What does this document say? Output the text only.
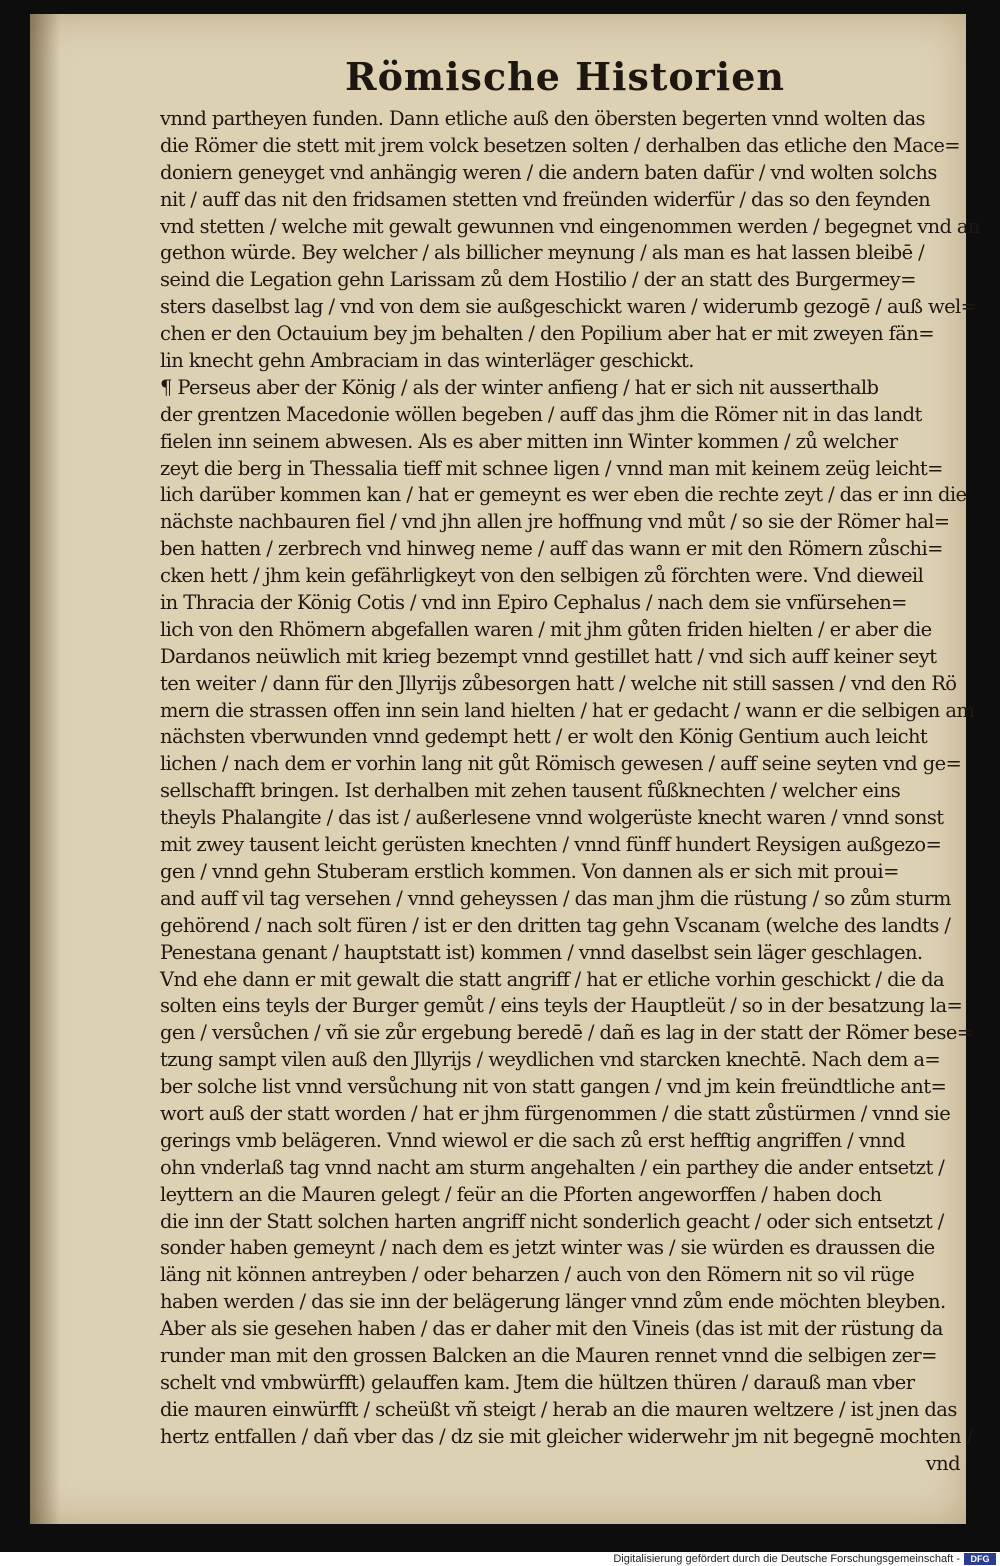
Römische Historien
vnnd partheyen funden. Dann etliche auß den öbersten begerten vnnd wolten das
die Römer die stett mit jrem volck besetzen solten / derhalben das etliche den Mace=
doniern geneyget vnd anhängig weren / die andern baten dafür / vnd wolten solchs
nit / auff das nit den fridsamen stetten vnd freünden widerfür / das so den feynden
vnd stetten / welche mit gewalt gewunnen vnd eingenommen werden / begegnet vnd an
gethon würde. Bey welcher / als billicher meynung / als man es hat lassen bleibē /
seind die Legation gehn Larissam zů dem Hostilio / der an statt des Burgermey=
sters daselbst lag / vnd von dem sie außgeschickt waren / widerumb gezogē / auß wel=
chen er den Octauium bey jm behalten / den Popilium aber hat er mit zweyen fän=
lin knecht gehn Ambraciam in das winterläger geschickt.
¶ Perseus aber der König / als der winter anfieng / hat er sich nit ausserthalb
der grentzen Macedonie wöllen begeben / auff das jhm die Römer nit in das landt
fielen inn seinem abwesen. Als es aber mitten inn Winter kommen / zů welcher
zeyt die berg in Thessalia tieff mit schnee ligen / vnnd man mit keinem zeüg leicht=
lich darüber kommen kan / hat er gemeynt es wer eben die rechte zeyt / das er inn die
nächste nachbauren fiel / vnd jhn allen jre hoffnung vnd můt / so sie der Römer hal=
ben hatten / zerbrech vnd hinweg neme / auff das wann er mit den Römern zůschi=
cken hett / jhm kein gefährligkeyt von den selbigen zů förchten were. Vnd dieweil
in Thracia der König Cotis / vnd inn Epiro Cephalus / nach dem sie vnfürsehen=
lich von den Rhömern abgefallen waren / mit jhm gůten friden hielten / er aber die
Dardanos neüwlich mit krieg bezempt vnnd gestillet hatt / vnd sich auff keiner seyt
ten weiter / dann für den Jllyrijs zůbesorgen hatt / welche nit still sassen / vnd den Rö
mern die strassen offen inn sein land hielten / hat er gedacht / wann er die selbigen am
nächsten vberwunden vnnd gedempt hett / er wolt den König Gentium auch leicht
lichen / nach dem er vorhin lang nit gůt Römisch gewesen / auff seine seyten vnd ge=
sellschafft bringen. Ist derhalben mit zehen tausent fůßknechten / welcher eins
theyls Phalangite / das ist / außerlesene vnnd wolgerüste knecht waren / vnnd sonst
mit zwey tausent leicht gerüsten knechten / vnnd fünff hundert Reysigen außgezo=
gen / vnnd gehn Stuberam erstlich kommen. Von dannen als er sich mit proui=
and auff vil tag versehen / vnnd geheyssen / das man jhm die rüstung / so zům sturm
gehörend / nach solt füren / ist er den dritten tag gehn Vscanam (welche des landts /
Penestana genant / hauptstatt ist) kommen / vnnd daselbst sein läger geschlagen.
Vnd ehe dann er mit gewalt die statt angriff / hat er etliche vorhin geschickt / die da
solten eins teyls der Burger gemůt / eins teyls der Hauptleüt / so in der besatzung la=
gen / versůchen / vñ sie zůr ergebung beredē / dañ es lag in der statt der Römer bese=
tzung sampt vilen auß den Jllyrijs / weydlichen vnd starcken knechtē. Nach dem a=
ber solche list vnnd versůchung nit von statt gangen / vnd jm kein freündtliche ant=
wort auß der statt worden / hat er jhm fürgenommen / die statt zůstürmen / vnnd sie
gerings vmb belägeren. Vnnd wiewol er die sach zů erst hefftig angriffen / vnnd
ohn vnderlaß tag vnnd nacht am sturm angehalten / ein parthey die ander entsetzt /
leyttern an die Mauren gelegt / feür an die Pforten angeworffen / haben doch
die inn der Statt solchen harten angriff nicht sonderlich geacht / oder sich entsetzt /
sonder haben gemeynt / nach dem es jetzt winter was / sie würden es draussen die
läng nit können antreyben / oder beharzen / auch von den Römern nit so vil rüge
haben werden / das sie inn der belägerung länger vnnd zům ende möchten bleyben.
Aber als sie gesehen haben / das er daher mit den Vineis (das ist mit der rüstung da
runder man mit den grossen Balcken an die Mauren rennet vnnd die selbigen zer=
schelt vnd vmbwürfft) gelauffen kam. Jtem die hültzen thüren / darauß man vber
die mauren einwürfft / scheüßt vñ steigt / herab an die mauren weltzere / ist jnen das
hertz entfallen / dañ vber das / dz sie mit gleicher widerwehr jm nit begegnē mochten /
vnd
Digitalisierung gefördert durch die Deutsche Forschungsgemeinschaft -	DFG
